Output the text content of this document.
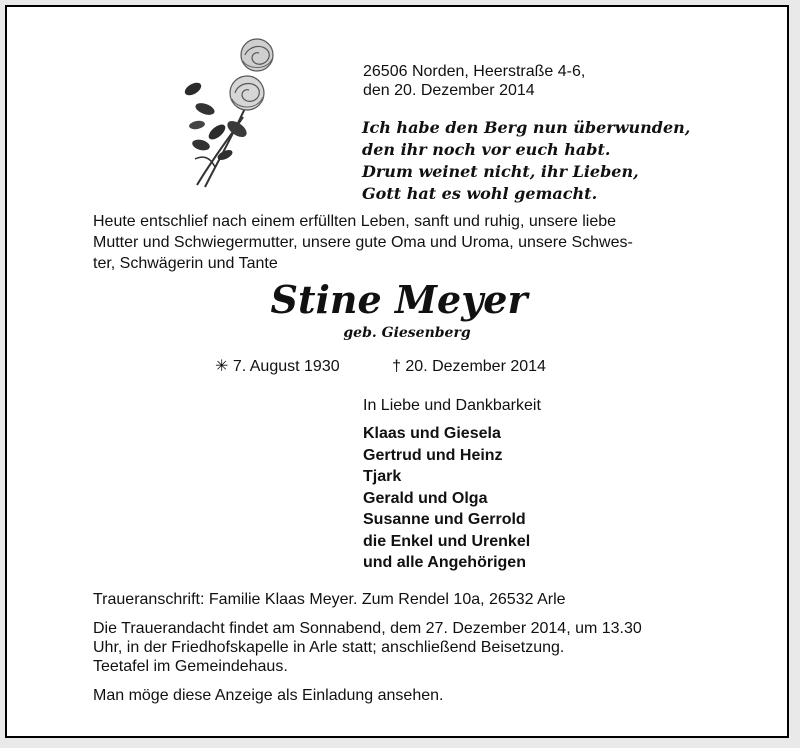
26506 Norden, Heerstraße 4-6,
den 20. Dezember 2014
Ich habe den Berg nun überwunden,
den ihr noch vor euch habt.
Drum weinet nicht, ihr Lieben,
Gott hat es wohl gemacht.
Heute entschlief nach einem erfüllten Leben, sanft und ruhig, unsere liebe
Mutter und Schwiegermutter, unsere gute Oma und Uroma, unsere Schwes-
ter, Schwägerin und Tante
Stine Meyer
geb. Giesenberg
✳ 7. August 1930	† 20. Dezember 2014
In Liebe und Dankbarkeit
Klaas und Giesela
Gertrud und Heinz
Tjark
Gerald und Olga
Susanne und Gerrold
die Enkel und Urenkel
und alle Angehörigen
Traueranschrift: Familie Klaas Meyer. Zum Rendel 10a, 26532 Arle
Die Trauerandacht findet am Sonnabend, dem 27. Dezember 2014, um 13.30
Uhr, in der Friedhofskapelle in Arle statt; anschließend Beisetzung.
Teetafel im Gemeindehaus.
Man möge diese Anzeige als Einladung ansehen.
